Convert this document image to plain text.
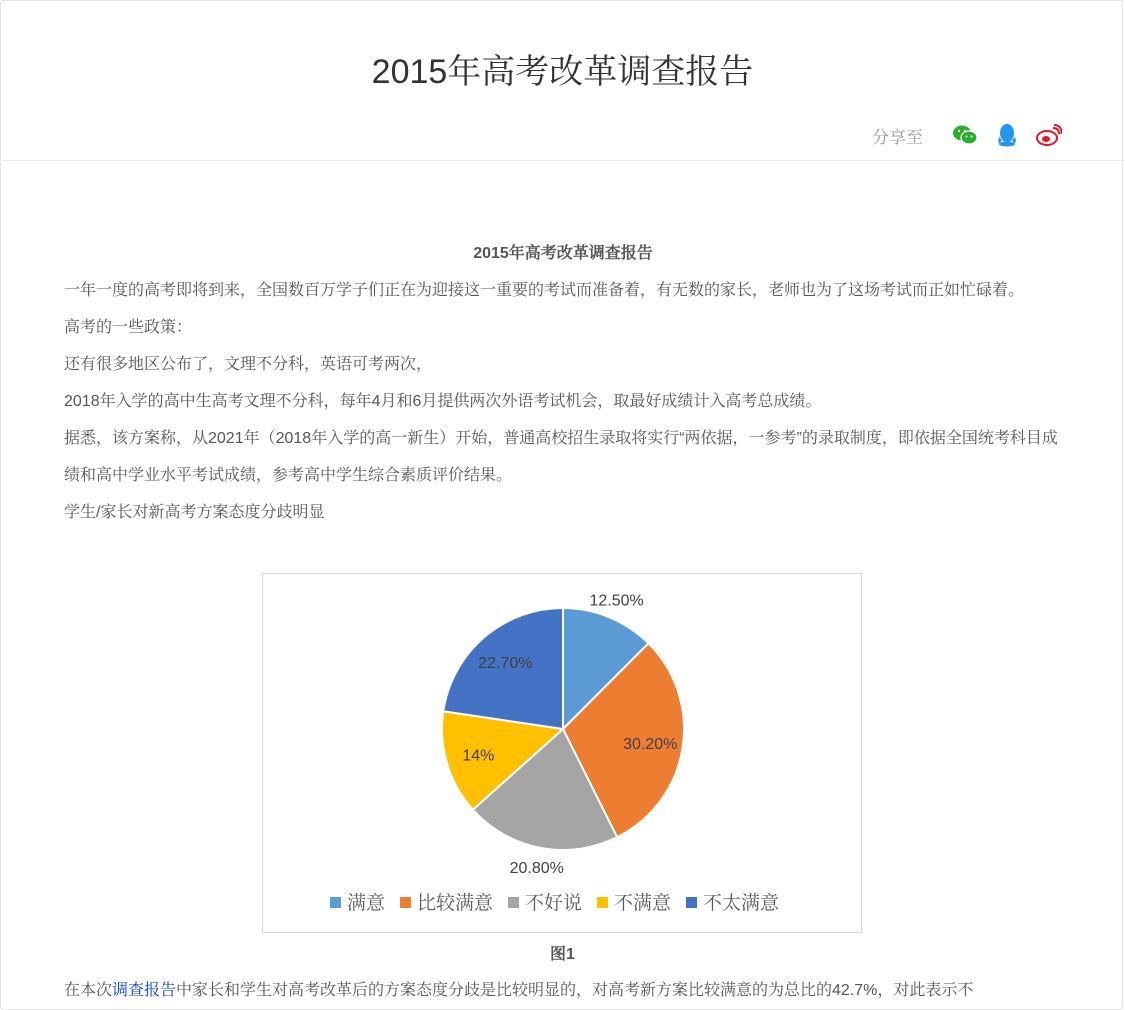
2015年高考改革调查报告
分享至
2015年高考改革调查报告

一年一度的高考即将到来，全国数百万学子们正在为迎接这一重要的考试而准备着，有无数的家长，老师也为了这场考试而正如忙碌着。

高考的一些政策：

还有很多地区公布了，文理不分科，英语可考两次，

2018年入学的高中生高考文理不分科，每年4月和6月提供两次外语考试机会，取最好成绩计入高考总成绩。

据悉，该方案称，从2021年（2018年入学的高一新生）开始，普通高校招生录取将实行“两依据，一参考”的录取制度，即依据全国统考科目成绩和高中学业水平考试成绩，参考高中学生综合素质评价结果。

学生/家长对新高考方案态度分歧明显

12.50%
30.20%
20.80%
14%
22.70%
满意 比较满意 不好说 不满意 不太满意
图1
在本次调查报告中家长和学生对高考改革后的方案态度分歧是比较明显的，对高考新方案比较满意的为总比的42.7%，对此表示不
